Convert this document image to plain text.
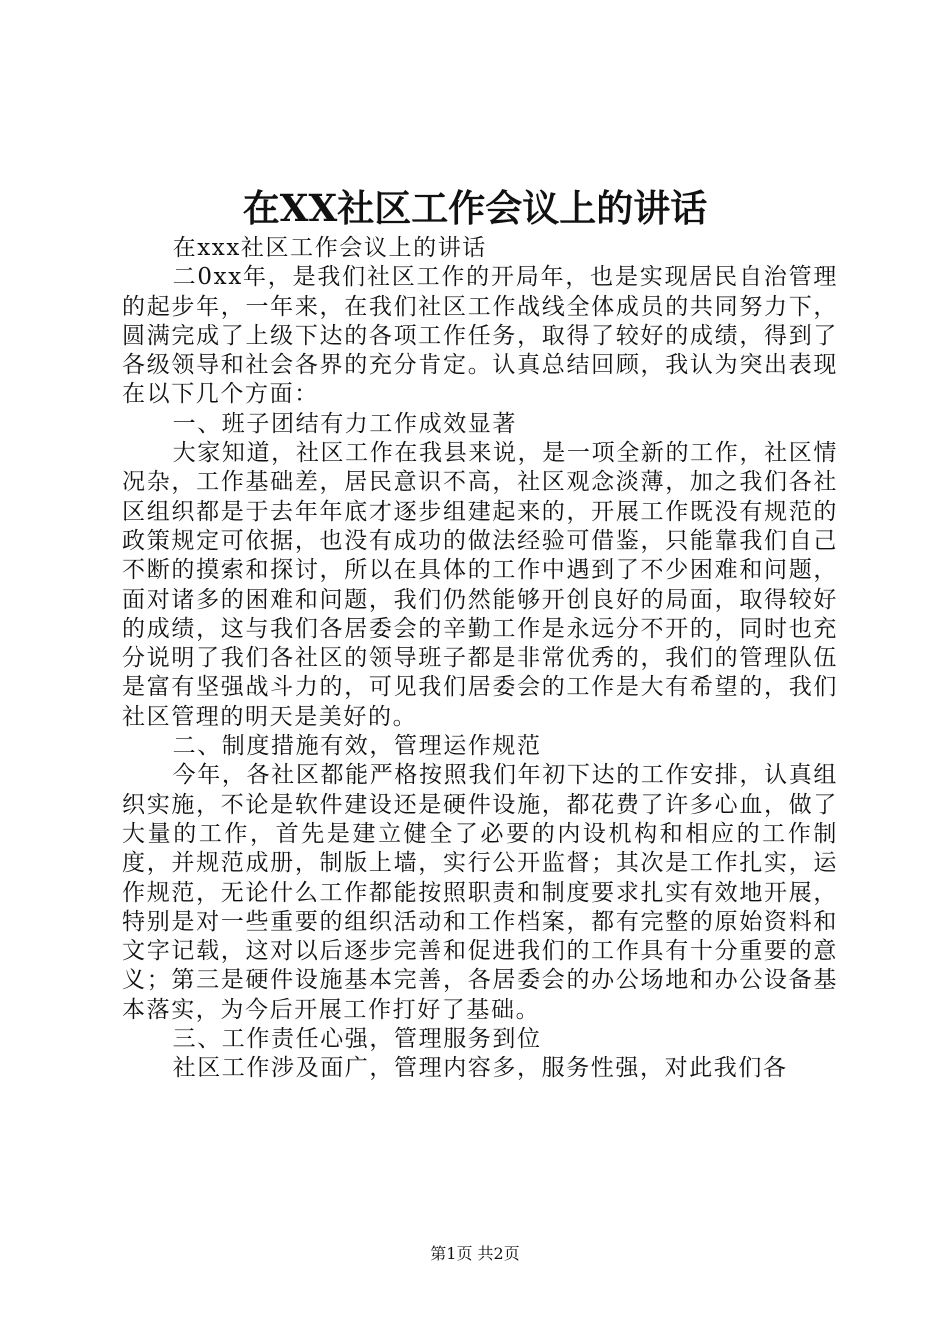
在XX社区工作会议上的讲话

在xxx社区工作会议上的讲话

二0xx年，是我们社区工作的开局年，也是实现居民自治管理的起步年，一年来，在我们社区工作战线全体成员的共同努力下，圆满完成了上级下达的各项工作任务，取得了较好的成绩，得到了各级领导和社会各界的充分肯定。认真总结回顾，我认为突出表现在以下几个方面：

一、班子团结有力工作成效显著

大家知道，社区工作在我县来说，是一项全新的工作，社区情况杂，工作基础差，居民意识不高，社区观念淡薄，加之我们各社区组织都是于去年年底才逐步组建起来的，开展工作既没有规范的政策规定可依据，也没有成功的做法经验可借鉴，只能靠我们自己不断的摸索和探讨，所以在具体的工作中遇到了不少困难和问题，面对诸多的困难和问题，我们仍然能够开创良好的局面，取得较好的成绩，这与我们各居委会的辛勤工作是永远分不开的，同时也充分说明了我们各社区的领导班子都是非常优秀的，我们的管理队伍是富有坚强战斗力的，可见我们居委会的工作是大有希望的，我们社区管理的明天是美好的。

二、制度措施有效，管理运作规范

今年，各社区都能严格按照我们年初下达的工作安排，认真组织实施，不论是软件建设还是硬件设施，都花费了许多心血，做了大量的工作，首先是建立健全了必要的内设机构和相应的工作制度，并规范成册，制版上墙，实行公开监督；其次是工作扎实，运作规范，无论什么工作都能按照职责和制度要求扎实有效地开展，特别是对一些重要的组织活动和工作档案，都有完整的原始资料和文字记载，这对以后逐步完善和促进我们的工作具有十分重要的意义；第三是硬件设施基本完善，各居委会的办公场地和办公设备基本落实，为今后开展工作打好了基础。

三、工作责任心强，管理服务到位

社区工作涉及面广，管理内容多，服务性强，对此我们各

第1页 共2页
